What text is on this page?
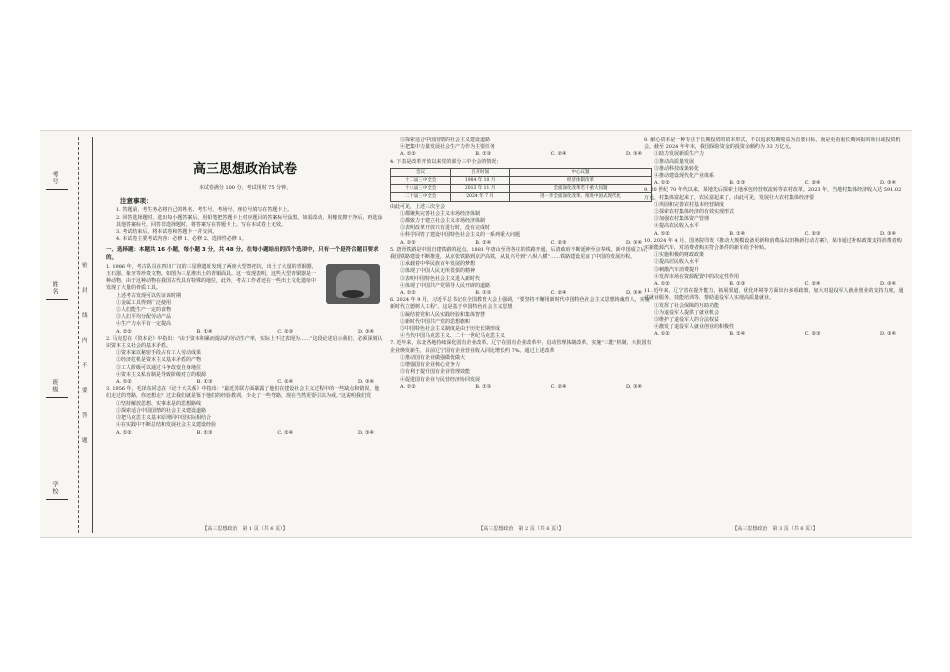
考号
姓名
班级
学校
密
封
线
内
不
要
答
题
高三思想政治试卷
本试卷满分 100 分，考试用时 75 分钟。
注意事项：
1. 答题前，考生务必将自己的姓名、考生号、考场号、座位号填写在答题卡上。
2. 回答选择题时，选出每小题答案后，用铅笔把答题卡上对应题目的答案标号涂黑。如需改动，用橡皮擦干净后，再选涂其他答案标号。回答非选择题时，将答案写在答题卡上。写在本试卷上无效。
3. 考试结束后，将本试卷和答题卡一并交回。
4. 本试卷主要考试内容：必修 1、必修 2、选择性必修 1。
一、选择题：本题共 16 小题，每小题 3 分，共 48 分。在每小题给出的四个选项中，只有一个是符合题目要求的。
1. 1986 年，考古队员在四川广汉的三星堆遗址发现了两座大型祭祀坑，出土了大量的青铜器、玉石器、象牙等珍贵文物。如图为三星堆出土的青铜面具。这一发现表明，这些大型青铜器是一种动物，由于这种动物在我国古代具有特殊的地位，此外，考古工作者还在一些出土文化遗址中发现了大量的骨质工具。
上述考古发现可以佐证该时期
①金属工具得到广泛使用
②人们能生产一定的食物
③人们平均分配劳动产品
④生产力水平有一定提高
A. ①②	B. ①④	C. ②③	D. ③④
2. 马克思在《资本论》中指出：“由于资本积累而提高的劳动生产率，实际上不过表现为……”这段论述启示我们，必须深刻认识资本主义社会的基本矛盾。
①资本家以秘密手段占有工人劳动成果
②经济危机是资本主义基本矛盾的产物
③工人阶级可以通过斗争改变自身地位
④资本主义私有制是导致阶级对立的根源
A. ①②	B. ①③	C. ②④	D. ③④
3. 1956 年，毛泽东同志在《论十大关系》中指出：“最近苏联方面暴露了他们在建设社会主义过程中的一些缺点和错误，他们走过的弯路，你还想走？过去我们就是鉴于他们的经验教训，少走了一些弯路，现在当然更要引以为戒。”这说明我们党
①坚持解放思想、实事求是的思想路线
②探索适合中国国情的社会主义建设道路
③把马克思主义基本原理同中国实际相结合
④在实践中不断总结和发展社会主义建设经验
A. ①②	B. ①③	C. ②④	D. ③④
【高三思想政治　第 1 页（共 6 页）】
③探索适合中国国情的社会主义建设道路
④把集中力量发展社会生产力作为主要任务
A. ①②	B. ①③	C. ②④	D. ③④
4. 下表是改革开放以来党的部分三中全会的情况：
会议	召开时间	中心议题
十二届三中全会	1984 年 10 月	经济体制改革
十八届三中全会	2013 年 11 月	全面深化改革若干重大问题
二十届三中全会	2024 年 7 月	进一步全面深化改革、推进中国式现代化
由此可见，上述三次全会
①都聚焦完善社会主义市场经济体制
②都致力于建立社会主义市场经济体制
③表明改革开放只有进行时，没有完成时
④科学回答了建设中国特色社会主义的一系列重大问题
A. ①②	B. ①④	C. ②③	D. ③④
5. 唐胥铁路是中国自建铁路的起点。1881 年唐山至胥各庄的铁路开通，后清政府不断延伸至京奉线。新中国成立后，我国铁路建设不断推进，从京张铁路到京沪高铁，从复兴号到“八纵八横”……铁路建设见证了中国的发展历程。
①承载着中华民族百年发展的梦想
②体现了中国人民无所畏惧的精神
③表明中国特色社会主义进入新时代
④体现了中国共产党领导人民开辟的道路
A. ①②	B. ①③	C. ②④	D. ③④
6. 2024 年 9 月，习近平总书记在全国教育大会上强调，“要坚持不懈用新时代中国特色社会主义思想铸魂育人，实施新时代立德树人工程”。这是基于中国特色社会主义思想
①凝结着党和人民实践经验和集体智慧
②新时代中国共产党的思想旗帜
③中国特色社会主义制度是由于历史长期形成
④当代中国马克思主义、二十一世纪马克思主义
7. 近年来，东北各地持续深化国有企业改革。辽宁在国有企业改革中，启动管理体制改革，实施“三能”机制，大批国有企业焕发新生，目前辽宁国有企业营业收入同比增长约 7%。通过上述改革
①推动国有企业做强做优做大
②增强国有企业核心竞争力
③有利于提升国有企业管理效能
④促进国有企业与民营经济协同发展
A. ①②	B. ①③	C. ②④	D. ③④
【高三思想政治　第 2 页（共 6 页）】
8. 耐心资本是一种专注于长期投资的资本形式，不以追求短期收益为首要目标，而是更看重长期回报的项目或投资机会。截至 2024 年年末，我国保险资金的投资余额约为 33 万亿元。
①助力发展新质生产力
②推动高质量发展
③推动科技成果转化
④推动建设现代化产业体系
A. ①②	B. ①③	C. ②④	D. ③④
9. 20 世纪 70 年代以来，某地先后探索土地承包经营权流转等农村改革。2023 年，当地村集体经济收入达 591.02 万元，村集体富起来了，农民富起来了。由此可见，发展壮大农村集体经济要
①巩固和完善农村基本经营制度
②探索农村集体经济的有效实现形式
③加强农村集体资产管理
④提高农民收入水平
A. ①②	B. ①④	C. ②③	D. ③④
10. 2024 年 4 月，国务院印发《推动大规模设备更新和消费品以旧换新行动方案》，某市通过补贴政策支持消费者购买新能源汽车，对消费者购买符合条件的新车给予补贴。
①实施积极的财政政策
②提高居民收入水平
③刺激汽车消费提升
④发挥市场在资源配置中的决定性作用
A. ①②	B. ①③	C. ②④	D. ③④
11. 近年来，辽宁省在提升能力，拓展渠道，优化环境等方面出台多项政策，加大对退役军人就业创业的支持力度，通过就业服务、技能培训等，帮助退役军人实现高质量就业。
①发挥了社会保障的互助功能
②为退役军人提供了就业机会
③维护了退役军人的合法权益
④激发了退役军人就业创业的积极性
A. ①②	B. ①④	C. ②③	D. ③④
【高三思想政治　第 3 页（共 6 页）】
